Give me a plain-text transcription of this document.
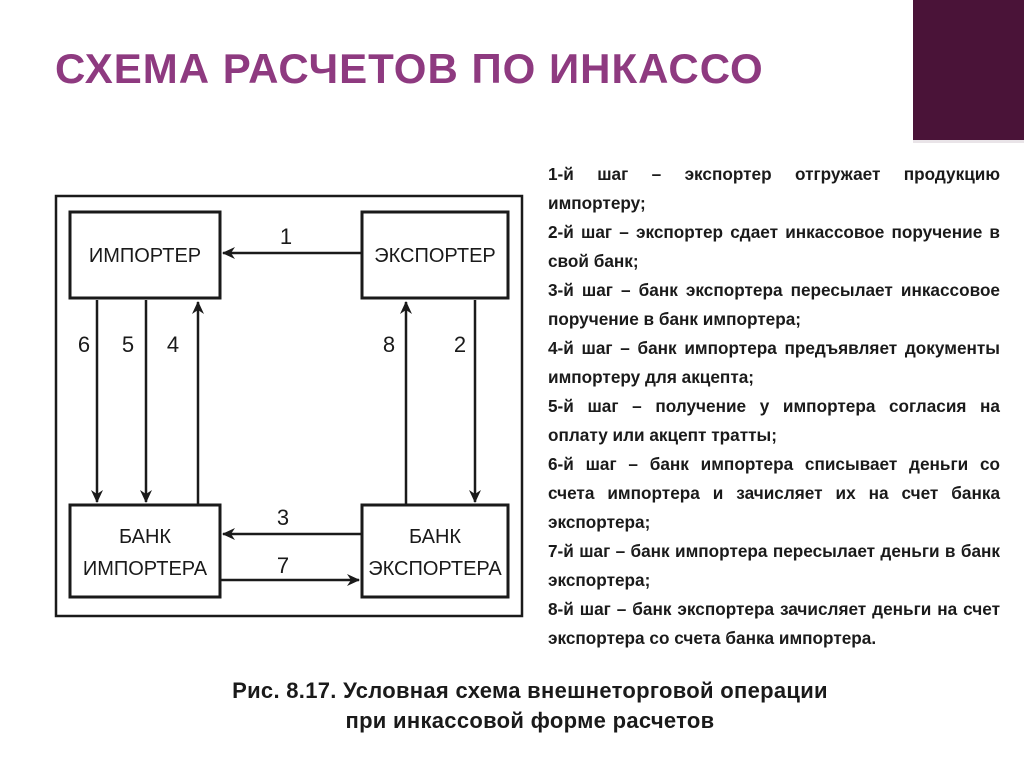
СХЕМА РАСЧЕТОВ ПО ИНКАССО
ИМПОРТЕР	ЭКСПОРТЕР
БАНК
ИМПОРТЕРА
БАНК
ЭКСПОРТЕРА
1
2
3
4
5
6
7
8

1-й шаг – экспортер отгружает продукцию импортеру;

2-й шаг – экспортер сдает инкассовое поручение в свой банк;

3-й шаг – банк экспортера пересылает инкассовое поручение в банк импортера;

4-й шаг – банк импортера предъявляет документы импортеру для акцепта;

5-й шаг – получение у импортера согласия на оплату или акцепт тратты;

6-й шаг – банк импортера списывает деньги со счета импортера и зачисляет их на счет банка экспортера;

7-й шаг – банк импортера пересылает деньги в банк экспортера;

8-й шаг – банк экспортера зачисляет деньги на счет экспортера со счета банка импортера.

Рис. 8.17. Условная схема внешнеторговой операции
при инкассовой форме расчетов
